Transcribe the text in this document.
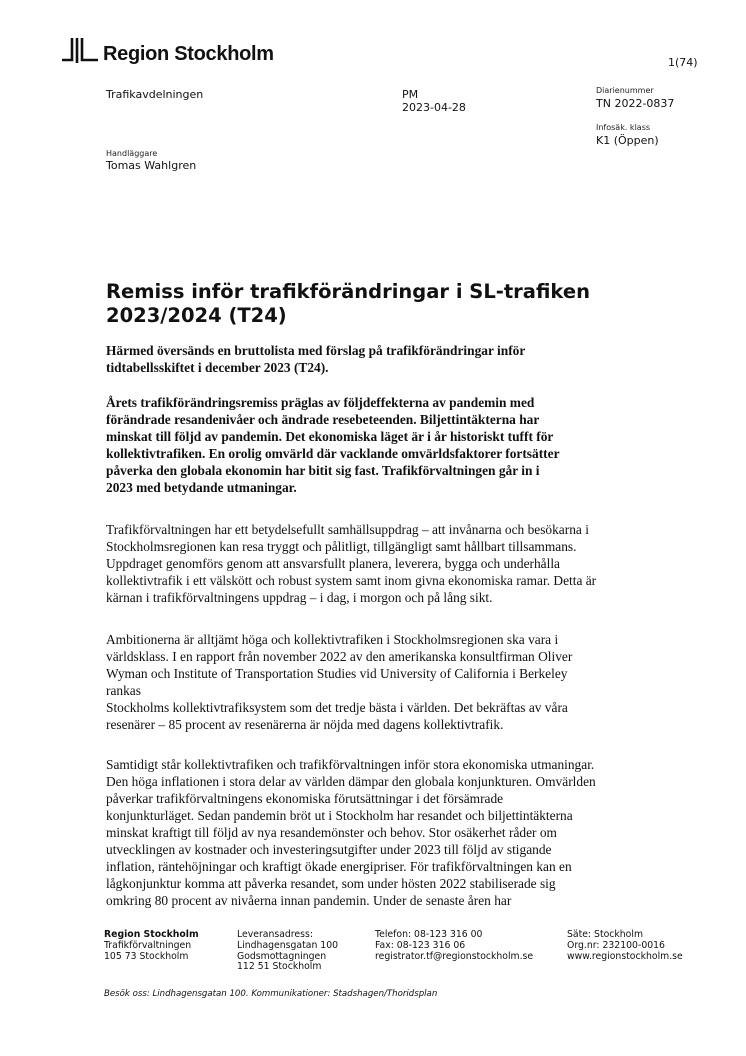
Region Stockholm	1(74)
Trafikavdelningen	PM
2023-04-28
Diarienummer
TN 2022-0837
Infosäk. klass
K1 (Öppen)
Handläggare
Tomas Wahlgren
Remiss inför trafikförändringar i SL-trafiken
2023/2024 (T24)
Härmed översänds en bruttolista med förslag på trafikförändringar inför
tidtabellsskiftet i december 2023 (T24).
Årets trafikförändringsremiss präglas av följdeffekterna av pandemin med
förändrade resandenivåer och ändrade resebeteenden. Biljettintäkterna har
minskat till följd av pandemin. Det ekonomiska läget är i år historiskt tufft för
kollektivtrafiken. En orolig omvärld där vacklande omvärldsfaktorer fortsätter
påverka den globala ekonomin har bitit sig fast. Trafikförvaltningen går in i
2023 med betydande utmaningar.
Trafikförvaltningen har ett betydelsefullt samhällsuppdrag – att invånarna och besökarna i
Stockholmsregionen kan resa tryggt och pålitligt, tillgängligt samt hållbart tillsammans.
Uppdraget genomförs genom att ansvarsfullt planera, leverera, bygga och underhålla
kollektivtrafik i ett välskött och robust system samt inom givna ekonomiska ramar. Detta är
kärnan i trafikförvaltningens uppdrag – i dag, i morgon och på lång sikt.
Ambitionerna är alltjämt höga och kollektivtrafiken i Stockholmsregionen ska vara i
världsklass. I en rapport från november 2022 av den amerikanska konsultfirman Oliver
Wyman och Institute of Transportation Studies vid University of California i Berkeley
rankas
Stockholms kollektivtrafiksystem som det tredje bästa i världen. Det bekräftas av våra
resenärer – 85 procent av resenärerna är nöjda med dagens kollektivtrafik.
Samtidigt står kollektivtrafiken och trafikförvaltningen inför stora ekonomiska utmaningar.
Den höga inflationen i stora delar av världen dämpar den globala konjunkturen. Omvärlden
påverkar trafikförvaltningens ekonomiska förutsättningar i det försämrade
konjunkturläget. Sedan pandemin bröt ut i Stockholm har resandet och biljettintäkterna
minskat kraftigt till följd av nya resandemönster och behov. Stor osäkerhet råder om
utvecklingen av kostnader och investeringsutgifter under 2023 till följd av stigande
inflation, räntehöjningar och kraftigt ökade energipriser. För trafikförvaltningen kan en
lågkonjunktur komma att påverka resandet, som under hösten 2022 stabiliserade sig
omkring 80 procent av nivåerna innan pandemin. Under de senaste åren har
Region Stockholm
Trafikförvaltningen
105 73 Stockholm
Leveransadress:
Lindhagensgatan 100
Godsmottagningen
112 51 Stockholm
Telefon: 08-123 316 00
Fax: 08-123 316 06
registrator.tf@regionstockholm.se
Säte: Stockholm
Org.nr: 232100-0016
www.regionstockholm.se
Besök oss: Lindhagensgatan 100. Kommunikationer: Stadshagen/Thoridsplan
